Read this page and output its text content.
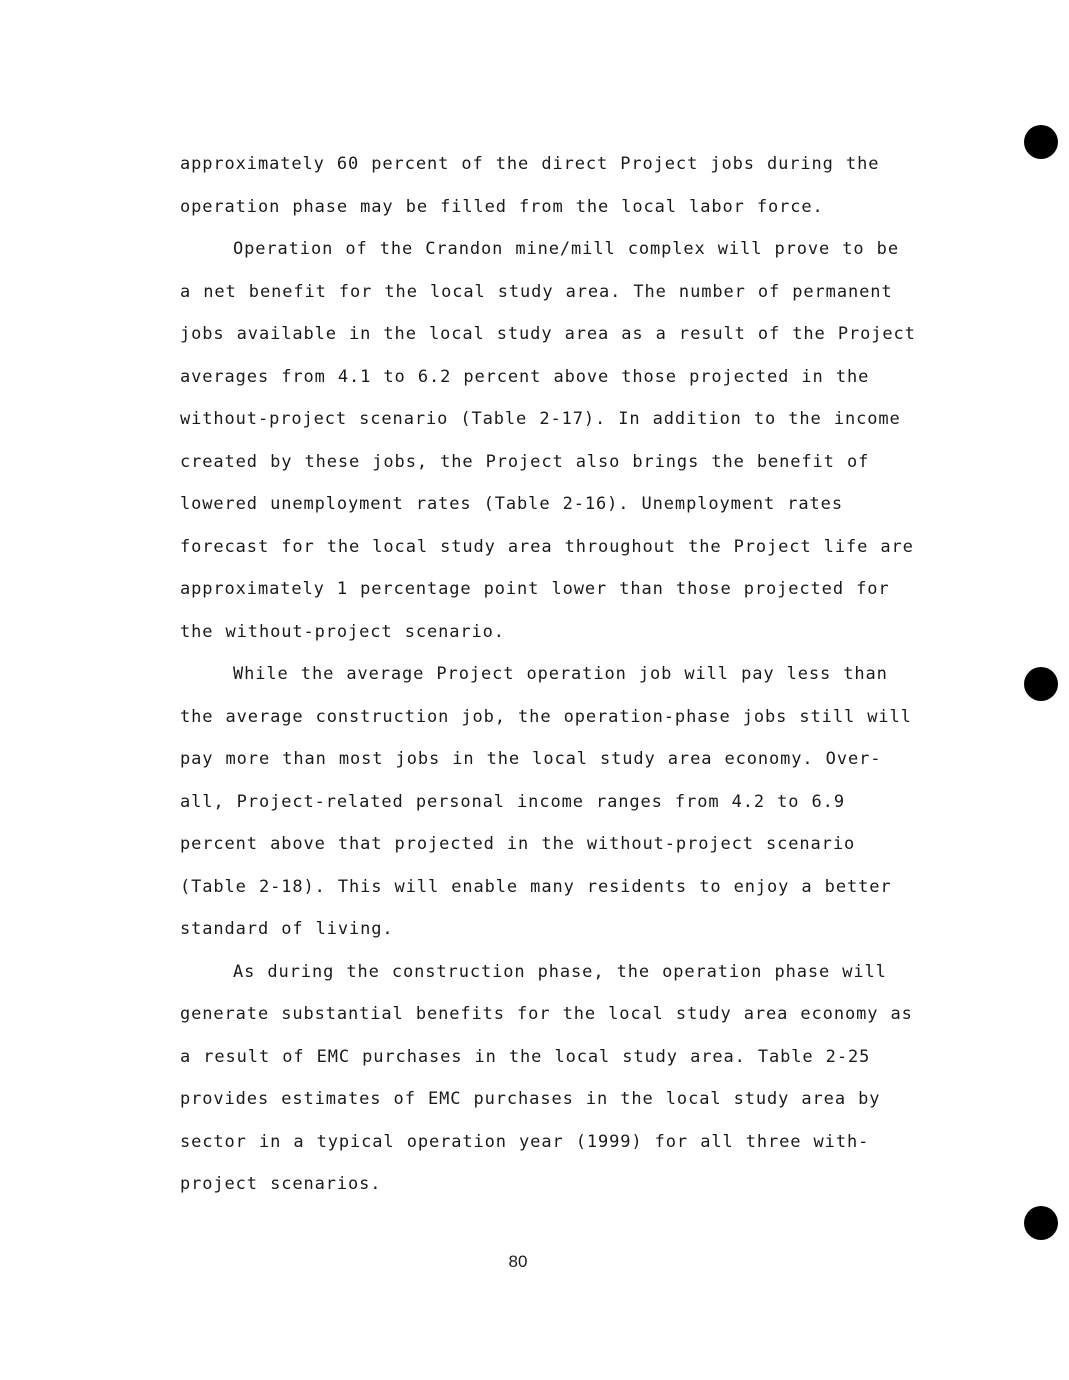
approximately 60 percent of the direct Project jobs during the
operation phase may be filled from the local labor force.
Operation of the Crandon mine/mill complex will prove to be
a net benefit for the local study area. The number of permanent
jobs available in the local study area as a result of the Project
averages from 4.1 to 6.2 percent above those projected in the
without-project scenario (Table 2-17). In addition to the income
created by these jobs, the Project also brings the benefit of
lowered unemployment rates (Table 2-16). Unemployment rates
forecast for the local study area throughout the Project life are
approximately 1 percentage point lower than those projected for
the without-project scenario.
While the average Project operation job will pay less than
the average construction job, the operation-phase jobs still will
pay more than most jobs in the local study area economy. Over-
all, Project-related personal income ranges from 4.2 to 6.9
percent above that projected in the without-project scenario
(Table 2-18). This will enable many residents to enjoy a better
standard of living.
As during the construction phase, the operation phase will
generate substantial benefits for the local study area economy as
a result of EMC purchases in the local study area. Table 2-25
provides estimates of EMC purchases in the local study area by
sector in a typical operation year (1999) for all three with-
project scenarios.
80
